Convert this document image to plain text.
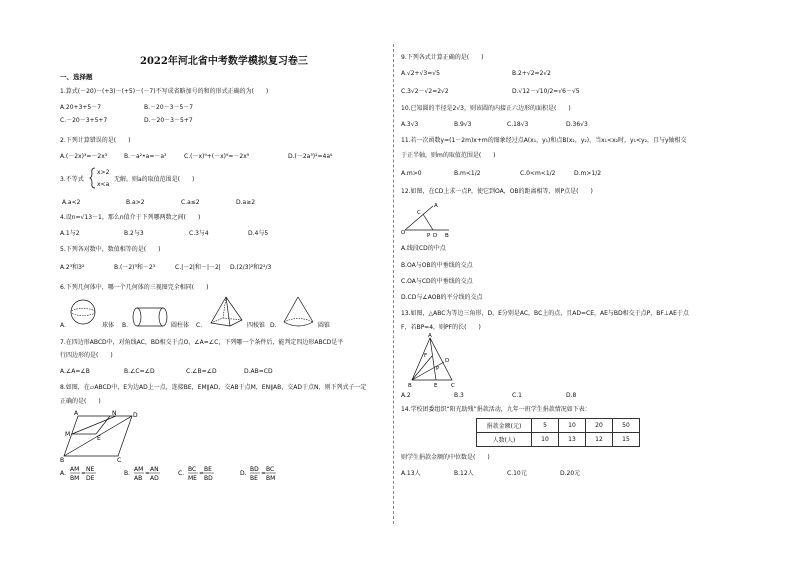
2022年河北省中考数学模拟复习卷三
一、选择题
1.算式(－20)－(+3)－(+5)－(－7)不写成省略加号的和的形式正确的为(　　)
A.20+3+5－7	B.－20－3－5－7
C.－20－3+5+7	D.－20－3－5+7
2.下列计算错误的是(　　)
A.(－2x)³=－2x³	B.－a²•a=－a³	C.(－x)⁹+(－x)⁹=－2x⁹	D.(－2a³)²=4a⁶
3.不等式
x>2
x<a
无解，则a的取值范围是(　　)
A.a<2	B.a>2	C.a≤2	D.a≥2
4.设n=√13－1，那么n值介于下列哪两数之间(　　)
A.1与2	B.2与3	C.3与4	D.4与5
5.下列各对数中，数值相等的是(　　)
A.2³和3²	B.(－2)³和－2³	C.|－2|和－|－2| D.(2/3)²和2²/3
6.下列几何体中，哪一个几何体的三视图完全相同(　　)
A.	球体 B.	圆柱体 C.	四棱锥 D.	圆锥
7.在四边形ABCD中，对角线AC，BD相交于点O，∠A=∠C，下列哪一个条件后，能判定四边形ABCD是平
行四边形的是(　　)
A.∠A=∠B	B.∠C=∠D	C.∠B=∠D	D.AB=CD
8.如图，在▱ABCD中，E为边AD上一点，连接BE，EM∥AD，交AB于点M，EN∥AB，交AD于点N，则下列式子一定
正确的是(　　)
A	N	D
M
E
B	C
A.
AM
BM
=
NE
DE
B.
AM
AB
=
AN
AD
C.
BC
ME
=
BE
BD
D.
BD
BE
=
BC
BM
9.下列各式计算正确的是(　　)
A.√2+√3=√5	B.2+√2=2√2
C.3√2－√2=2√2	D.√12－√10/2=√6－√5
10.已知圆的半径是2√3，则该圆的内接正六边形的面积是(　　)
A.3√3	B.9√3	C.18√3	D.36√3
11.若一次函数y=(1－2m)x+m的图象经过点A(x₁，y₁)和点B(x₂，y₂)，当x₁<x₂时，y₁<y₂，且与y轴相交
于正半轴，则m的取值范围是(　　)
A.m>0	B.m<1/2	C.0<m<1/2	D.m>1/2
12.如图，在CD上求一点P，使它到OA，OB的距离相等，则P点是(　　)
A
C
O	P D B
A.线段CD的中点
B.OA与OB的中垂线的交点
C.OA与CD的中垂线的交点
D.CD与∠AOB的平分线的交点
13.如图，△ABC为等边三角形，D，E分别是AC，BC上的点，且AD=CE，AE与BD相交于点P，BF⊥AE于点
F，若BP=4，则PF的长(　　)
A
D
F
P
B	E C
A.2	B.3	C.1	D.8
14.学校团委组织“阳光助残”捐款活动，九年一班学生捐款情况如下表：
捐款金额(元)	5	10	20	50
人数(人)	10	13	12	15
则学生捐款金额的中位数是(　　)
A.13人	B.12人	C.10元	D.20元
